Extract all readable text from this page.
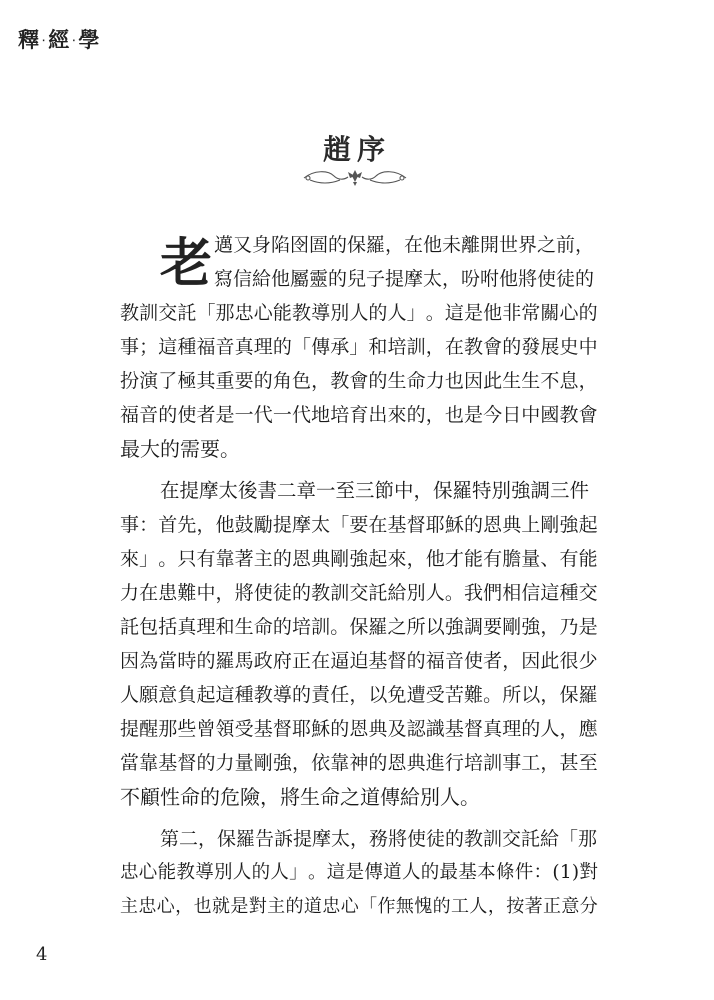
釋 ‧經 ‧學
趙序
老 邁又身陷囹圄的保羅，在他未離開世界之前，
寫信給他屬靈的兒子提摩太，吩咐他將使徒的
教 訓 交 託 「 那 忠 心 能 教 導 別 人 的 人 」 。 這 是 他 非 常 關 心 的
事 ； 這 種 福 音 真 理 的 「 傳 承 」 和 培 訓 ， 在 教 會 的 發 展 史 中
扮 演 了 極 其 重 要 的 角 色 ， 教 會 的 生 命 力 也 因 此 生 生 不 息 ，
福 音 的 使 者 是 一 代 一 代 地 培 育 出 來 的 ， 也 是 今 日 中 國 教 會
最大的需要。
在提摩太後書二章一至三節中，保羅特別強調三件
事 ： 首 先 ， 他 鼓 勵 提 摩 太 「 要 在 基 督 耶 穌 的 恩 典 上 剛 強 起
來 」 。 只 有 靠 著 主 的 恩 典 剛 強 起 來 ， 他 才 能 有 膽 量 、 有 能
力 在 患 難 中 ， 將 使 徒 的 教 訓 交 託 給 別 人 。 我 們 相 信 這 種 交
託 包 括 真 理 和 生 命 的 培 訓 。 保 羅 之 所 以 強 調 要 剛 強 ， 乃 是
因 為 當 時 的 羅 馬 政 府 正 在 逼 迫 基 督 的 福 音 使 者 ， 因 此 很 少
人 願 意 負 起 這 種 教 導 的 責 任 ， 以 免 遭 受 苦 難 。 所 以 ， 保 羅
提 醒 那 些 曾 領 受 基 督 耶 穌 的 恩 典 及 認 識 基 督 真 理 的 人 ， 應
當 靠 基 督 的 力 量 剛 強 ， 依 靠 神 的 恩 典 進 行 培 訓 事 工 ， 甚 至
不顧性命的危險，將生命之道傳給別人。
第二，保羅告訴提摩太，務將使徒的教訓交託給「那
忠 心 能 教 導 別 人 的 人 」 。 這 是 傳 道 人 的 最 基 本 條 件 ： ( 1 ) 對
主 忠 心 ， 也 就 是 對 主 的 道 忠 心 「 作 無 愧 的 工 人 ， 按 著 正 意 分
4
